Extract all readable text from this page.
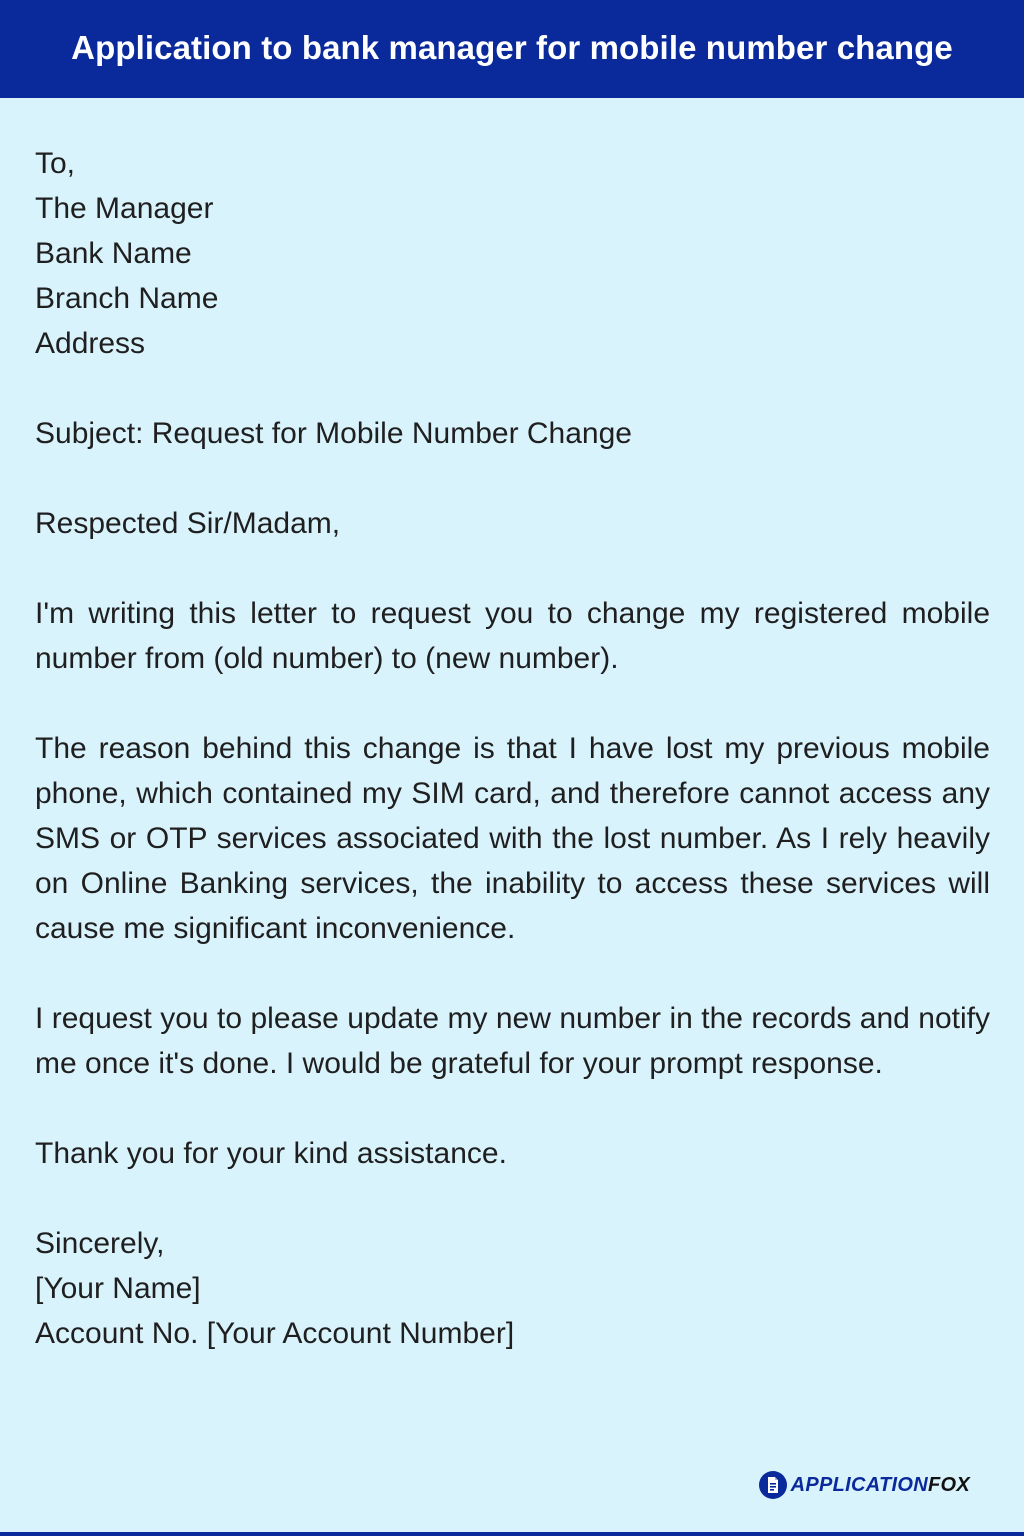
Application to bank manager for mobile number change
To,
The Manager
Bank Name
Branch Name
Address
Subject: Request for Mobile Number Change
Respected Sir/Madam,

I'm writing this letter to request you to change my registered mobile number from (old number) to (new number).

The reason behind this change is that I have lost my previous mobile phone, which contained my SIM card, and therefore cannot access any SMS or OTP services associated with the lost number. As I rely heavily on Online Banking services, the inability to access these services will cause me significant inconvenience.

I request you to please update my new number in the records and notify me once it's done. I would be grateful for your prompt response.

Thank you for your kind assistance.
Sincerely,
[Your Name]
Account No. [Your Account Number]
APPLICATIONFOX
